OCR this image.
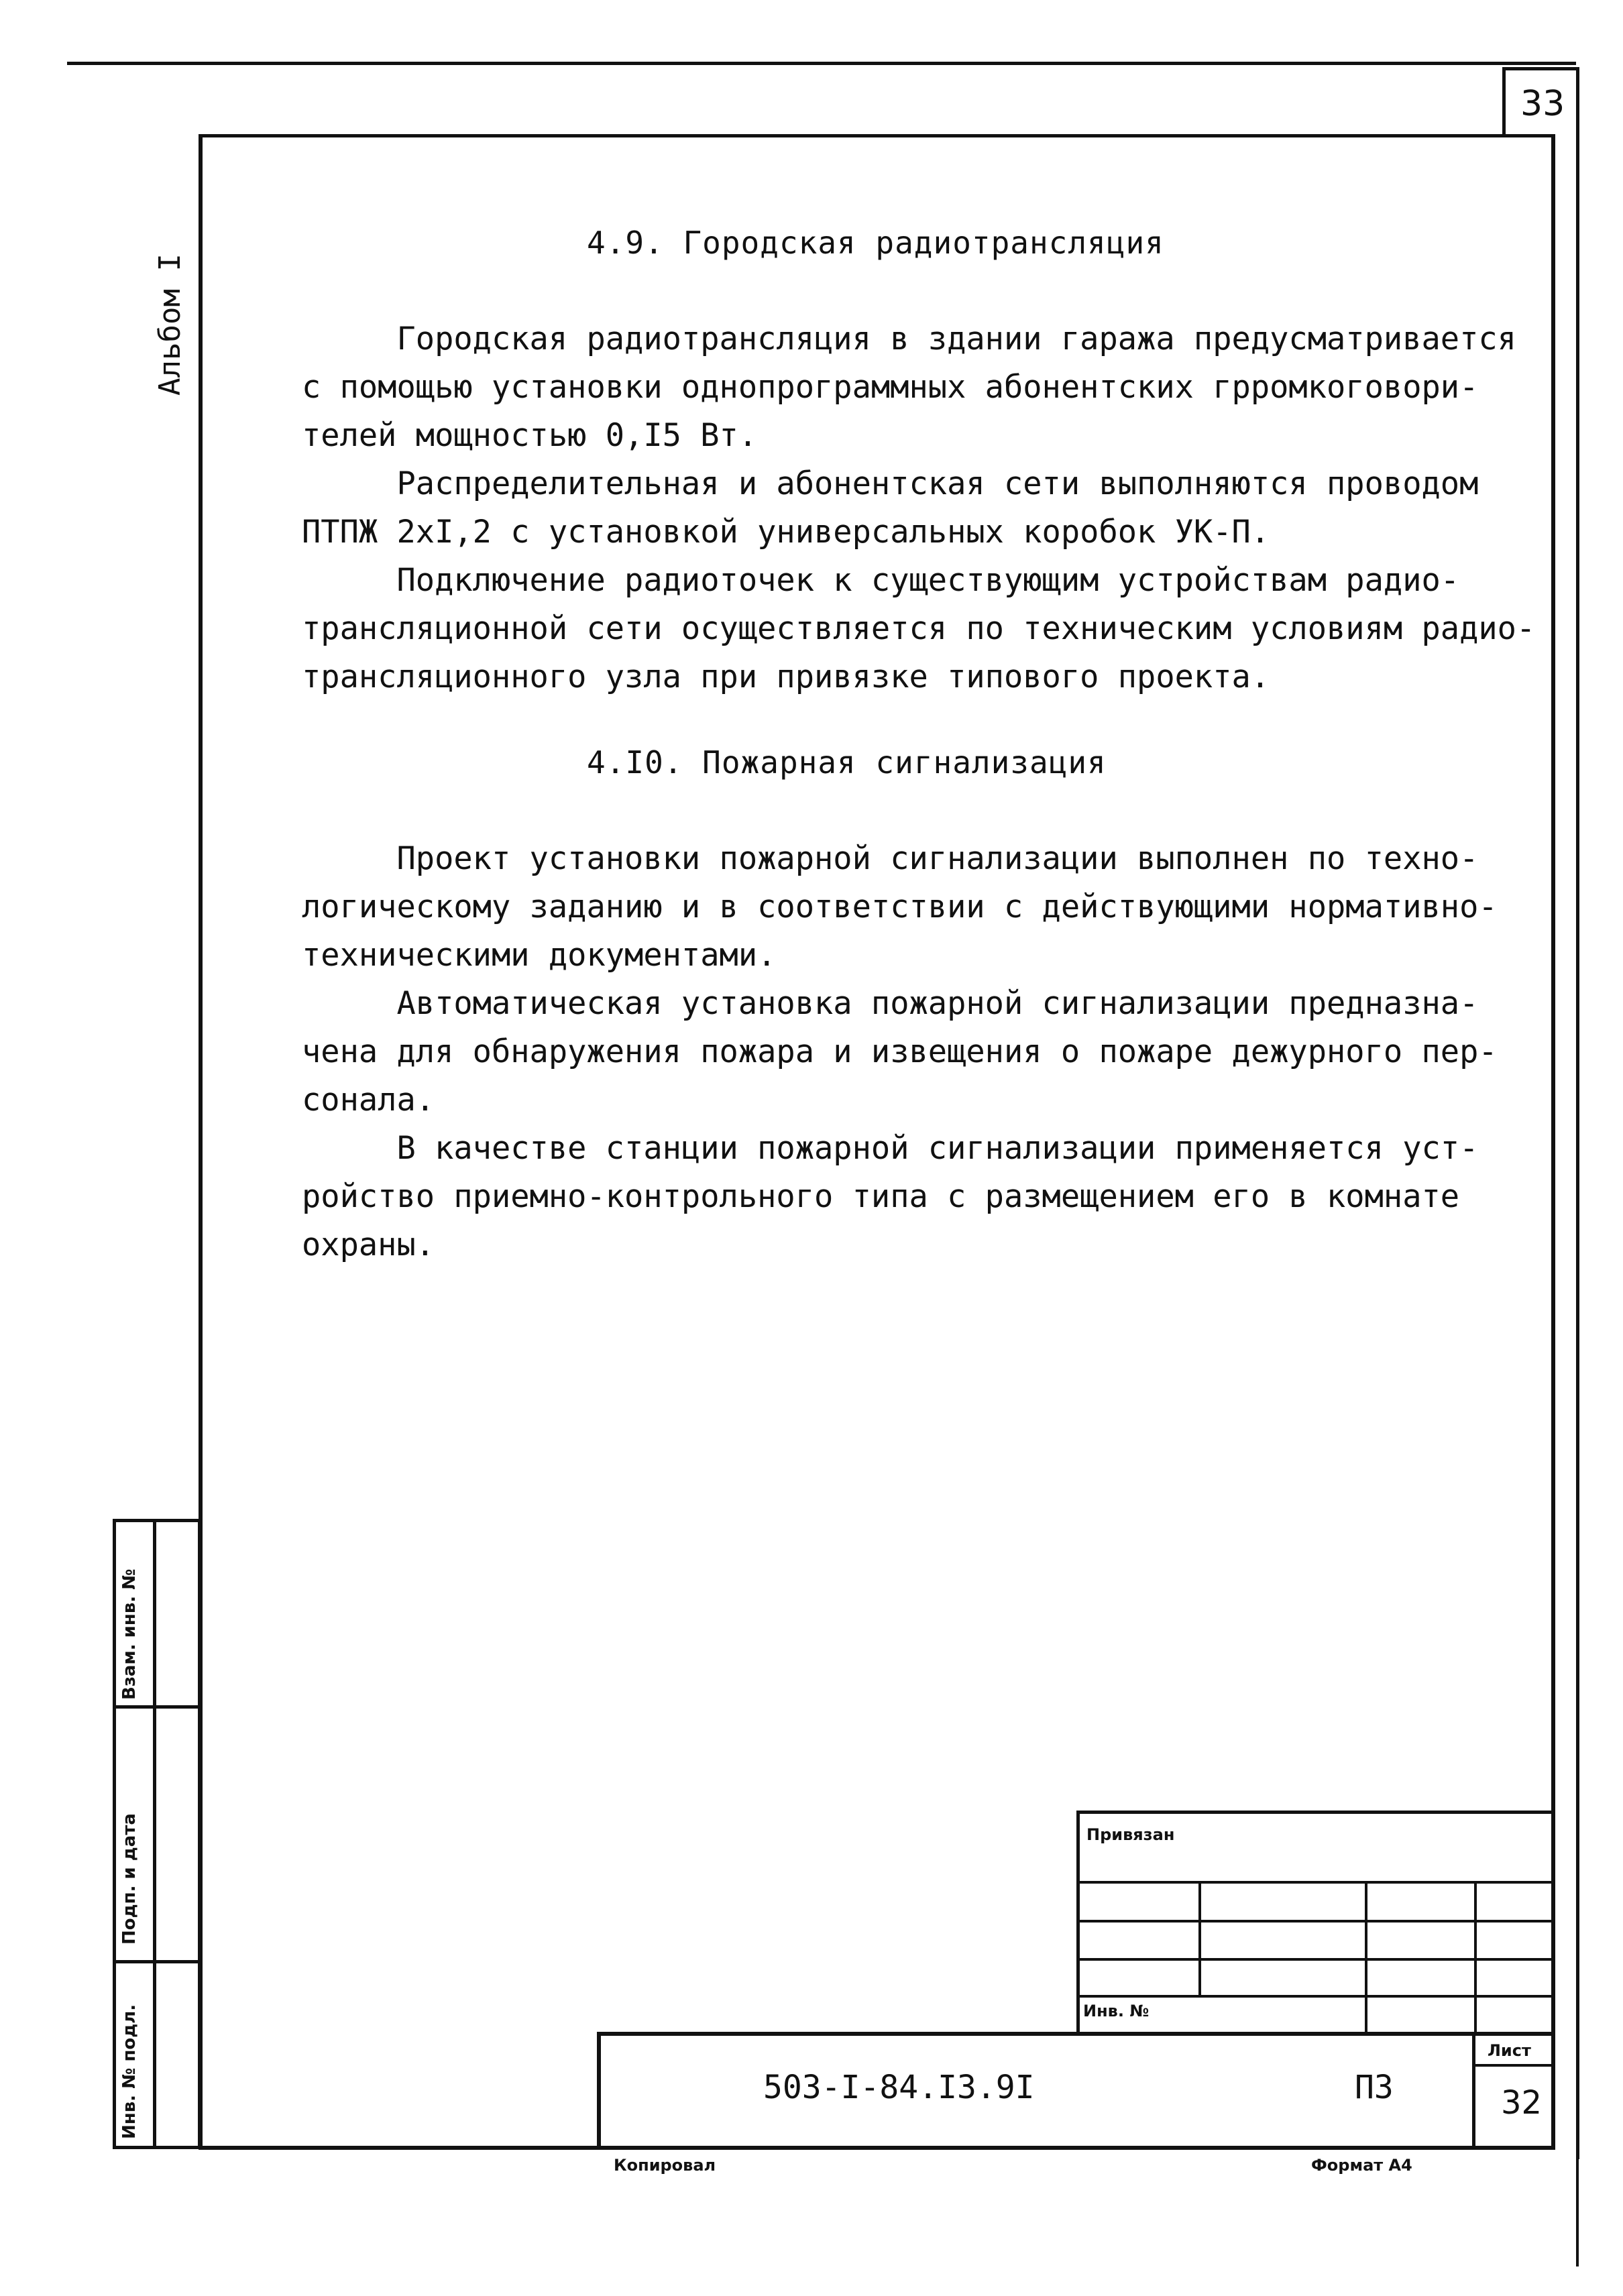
33
Альбом I
Взам. инв. №
Подп. и дата
Инв. № подл.
4.9. Городская радиотрансляция
Городская радиотрансляция в здании гаража предусматривается
с помощью установки однопрограммных абонентских гррoмкоговори-
телей мощностью 0,I5 Вт.
Распределительная и абонентская сети выполняются проводом
ПТПЖ 2хI,2 с установкой универсальных коробок УК-П.
Подключение радиоточек к существующим устройствам радио-
трансляционной сети осуществляется по техническим условиям радио-
трансляционного узла при привязке типового проекта.
4.I0. Пожарная сигнализация
Проект установки пожарной сигнализации выполнен по техно-
логическому заданию и в соответствии с действующими нормативно-
техническими документами.
Автоматическая установка пожарной сигнализации предназна-
чена для обнаружения пожара и извещения о пожаре дежурного пер-
сонала.
В качестве станции пожарной сигнализации применяется уст-
ройство приемно-контрольного типа с размещением его в комнате
охраны.
Привязан
Инв. №
503-I-84.I3.9I	ПЗ
Лист
32
Копировал	Формат А4
